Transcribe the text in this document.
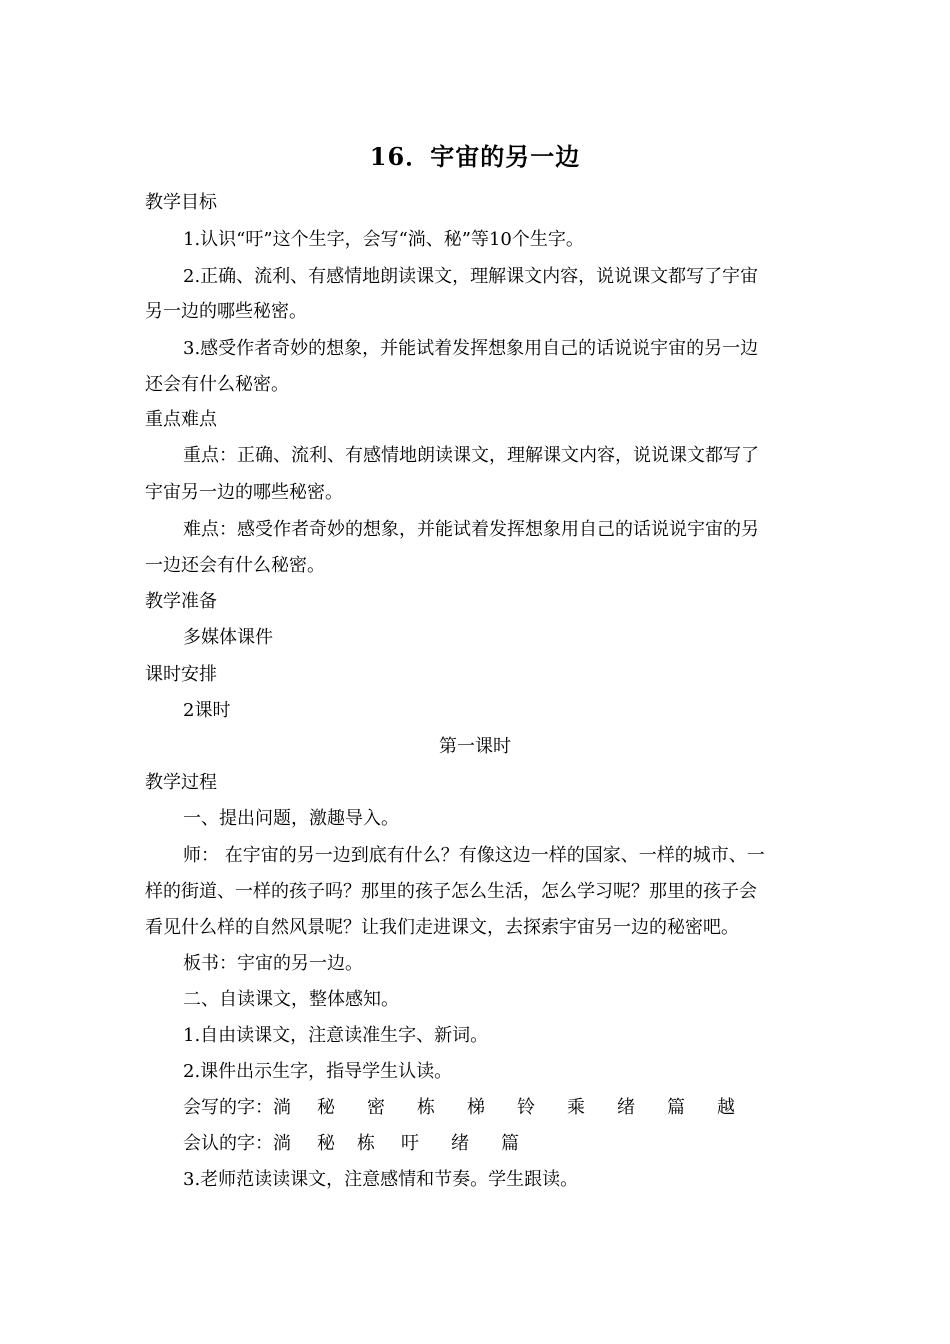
16．宇宙的另一边
教学目标
1.认识“吁”这个生字，会写“淌、秘”等10个生字。
2.正确、流利、有感情地朗读课文，理解课文内容，说说课文都写了宇宙
另一边的哪些秘密。
3.感受作者奇妙的想象，并能试着发挥想象用自己的话说说宇宙的另一边
还会有什么秘密。
重点难点
重点：正确、流利、有感情地朗读课文，理解课文内容，说说课文都写了
宇宙另一边的哪些秘密。
难点：感受作者奇妙的想象，并能试着发挥想象用自己的话说说宇宙的另
一边还会有什么秘密。
教学准备
多媒体课件
课时安排
2课时
第一课时
教学过程
一、提出问题，激趣导入。
师： 在宇宙的另一边到底有什么？有像这边一样的国家、一样的城市、一
样的街道、一样的孩子吗？那里的孩子怎么生活，怎么学习呢？那里的孩子会
看见什么样的自然风景呢？让我们走进课文，去探索宇宙另一边的秘密吧。
板书：宇宙的另一边。
二、自读课文，整体感知。
1.自由读课文，注意读准生字、新词。
2.课件出示生字，指导学生认读。
会写的字：淌 秘 密 栋 梯 铃 乘 绪 篇 越
会认的字：淌 秘 栋 吁 绪 篇
3.老师范读读课文，注意感情和节奏。学生跟读。
